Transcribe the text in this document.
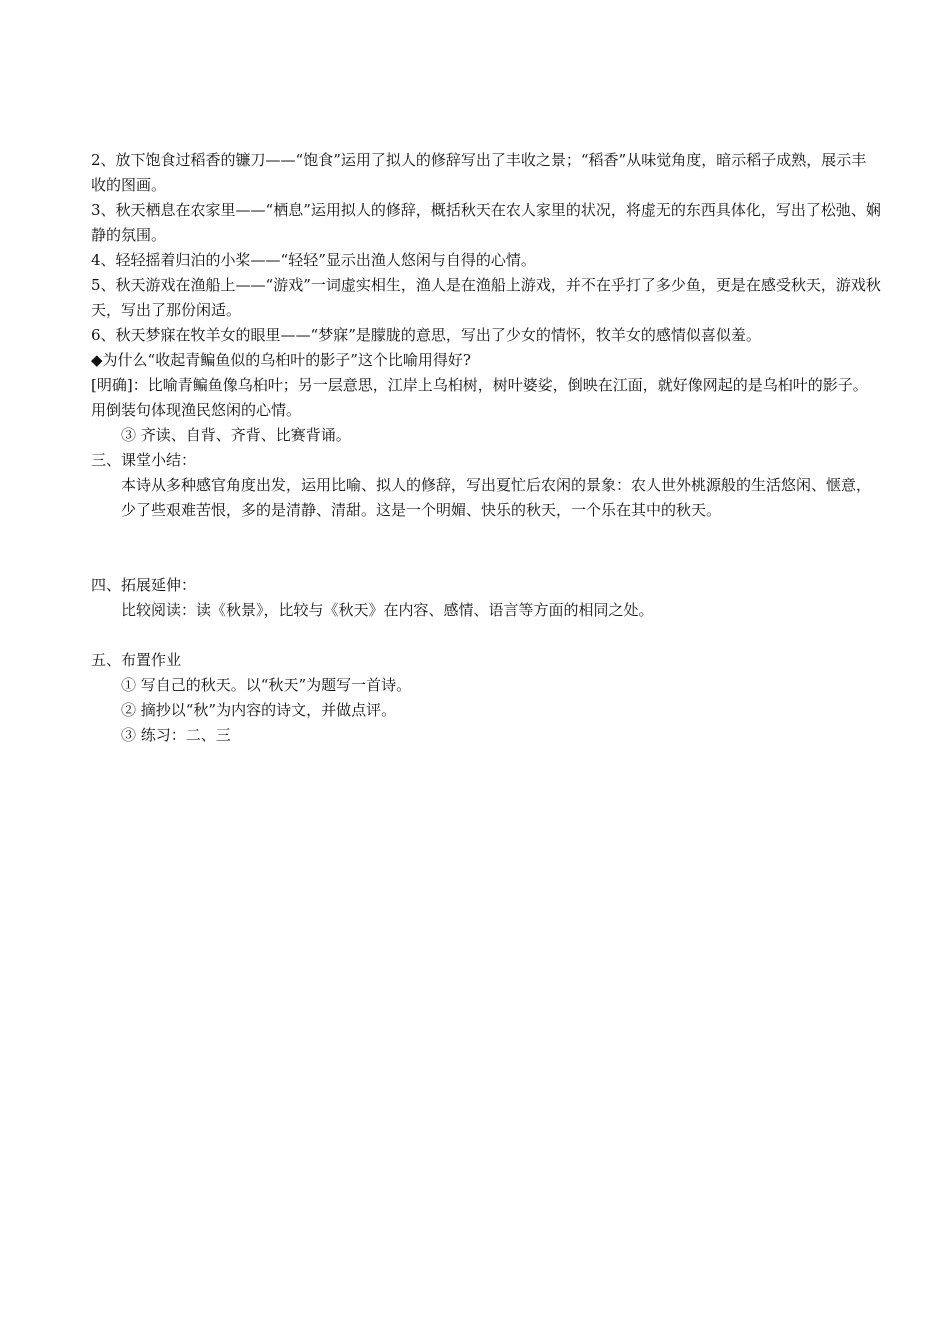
2、放下饱食过稻香的镰刀——“饱食”运用了拟人的修辞写出了丰收之景；“稻香”从味觉角度，暗示稻子成熟，展示丰收的图画。

3、秋天栖息在农家里——“栖息”运用拟人的修辞，概括秋天在农人家里的状况，将虚无的东西具体化，写出了松弛、娴静的氛围。

4、轻轻摇着归泊的小桨——“轻轻”显示出渔人悠闲与自得的心情。

5、秋天游戏在渔船上——“游戏”一词虚实相生，渔人是在渔船上游戏，并不在乎打了多少鱼，更是在感受秋天，游戏秋天，写出了那份闲适。

6、秋天梦寐在牧羊女的眼里——“梦寐”是朦胧的意思，写出了少女的情怀，牧羊女的感情似喜似羞。

◆为什么“收起青鳊鱼似的乌桕叶的影子”这个比喻用得好?

[明确]：比喻青鳊鱼像乌桕叶；另一层意思，江岸上乌桕树，树叶婆娑，倒映在江面，就好像网起的是乌桕叶的影子。用倒装句体现渔民悠闲的心情。

③ 齐读、自背、齐背、比赛背诵。

三、课堂小结：

本诗从多种感官角度出发，运用比喻、拟人的修辞，写出夏忙后农闲的景象：农人世外桃源般的生活悠闲、惬意，少了些艰难苦恨，多的是清静、清甜。这是一个明媚、快乐的秋天，一个乐在其中的秋天。

四、拓展延伸：

比较阅读：读《秋景》，比较与《秋天》在内容、感情、语言等方面的相同之处。

五、布置作业

① 写自己的秋天。以“秋天”为题写一首诗。

② 摘抄以“秋”为内容的诗文，并做点评。

③ 练习：二、三
